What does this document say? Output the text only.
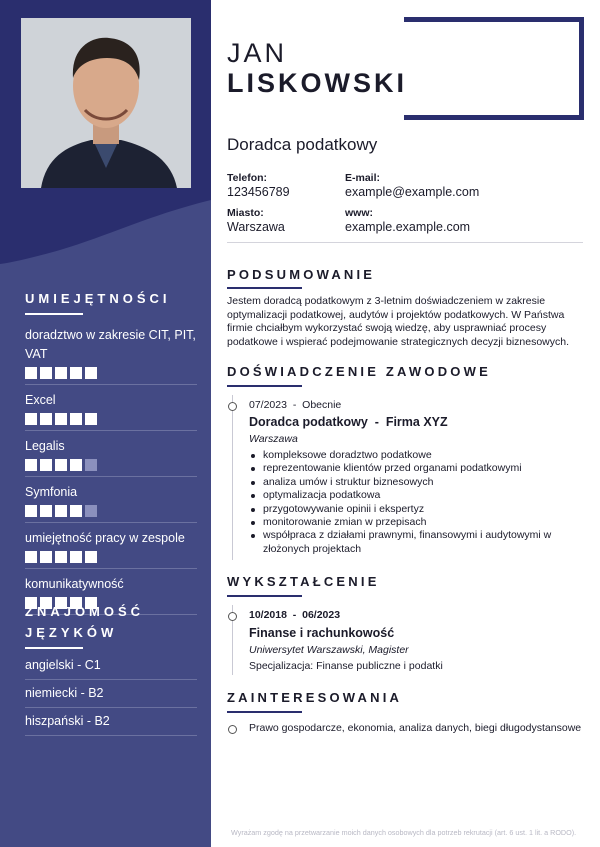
UMIEJĘTNOŚCI
doradztwo w zakresie CIT, PIT, VAT
Excel
Legalis
Symfonia
umiejętność pracy w zespole
komunikatywność
ZNAJOMOŚĆ
JĘZYKÓW
angielski - C1
niemiecki - B2
hiszpański - B2
JAN
LISKOWSKI
Doradca podatkowy
Telefon:
123456789
E-mail:
example@example.com
Miasto:
Warszawa
www:
example.example.com
PODSUMOWANIE
Jestem doradcą podatkowym z 3-letnim doświadczeniem w zakresie optymalizacji podatkowej, audytów i projektów podatkowych. W Państwa firmie chciałbym wykorzystać swoją wiedzę, aby usprawniać procesy podatkowe i wspierać podejmowanie strategicznych decyzji biznesowych.
DOŚWIADCZENIE ZAWODOWE
07/2023 - Obecnie
Doradca podatkowy  -  Firma XYZ
Warszawa
kompleksowe doradztwo podatkowe
reprezentowanie klientów przed organami podatkowymi
analiza umów i struktur biznesowych
optymalizacja podatkowa
przygotowywanie opinii i ekspertyz
monitorowanie zmian w przepisach
współpraca z działami prawnymi, finansowymi i audytowymi w złożonych projektach
WYKSZTAŁCENIE
10/2018  -  06/2023
Finanse i rachunkowość
Uniwersytet Warszawski, Magister
Specjalizacja: Finanse publiczne i podatki
ZAINTERESOWANIA
Prawo gospodarcze, ekonomia, analiza danych, biegi długodystansowe
Wyrażam zgodę na przetwarzanie moich danych osobowych dla potrzeb rekrutacji (art. 6 ust. 1 lit. a RODO).
